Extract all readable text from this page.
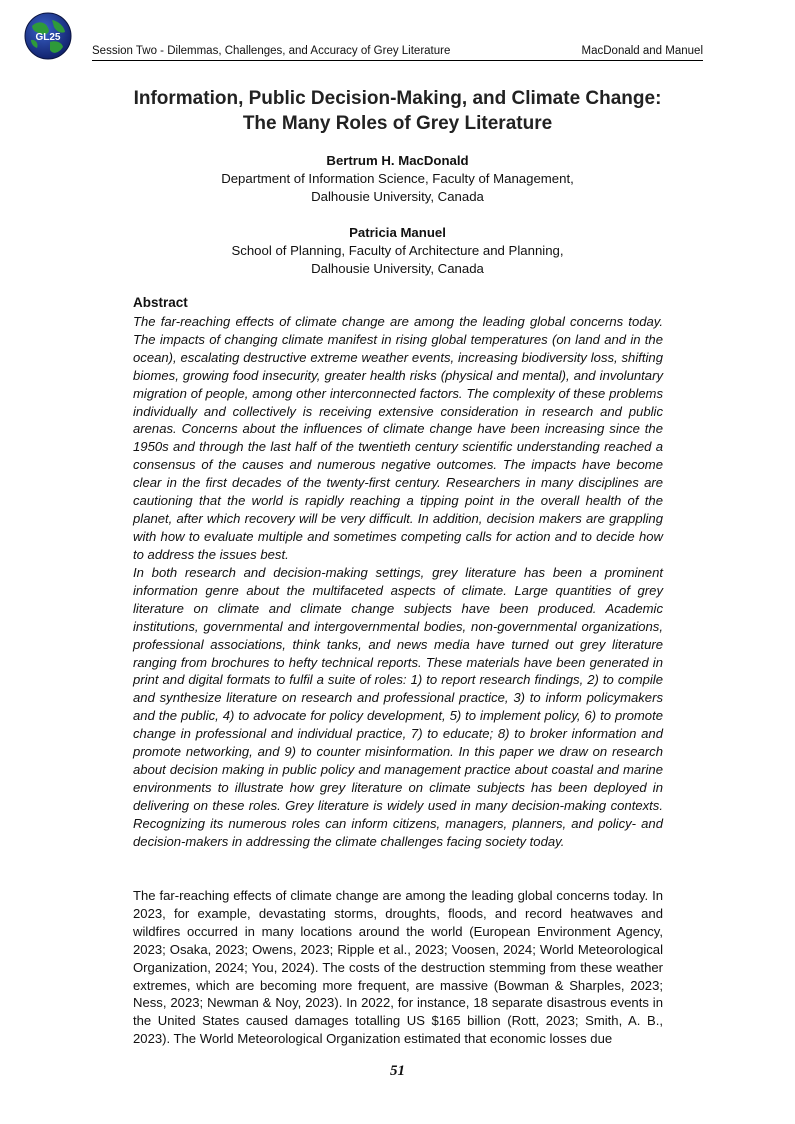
GL25
Session Two - Dilemmas, Challenges, and Accuracy of Grey Literature	MacDonald and Manuel
Information, Public Decision-Making, and Climate Change:
The Many Roles of Grey Literature
Bertrum H. MacDonald
Department of Information Science, Faculty of Management,
Dalhousie University, Canada
Patricia Manuel
School of Planning, Faculty of Architecture and Planning,
Dalhousie University, Canada
Abstract

The far-reaching effects of climate change are among the leading global concerns today. The impacts of changing climate manifest in rising global temperatures (on land and in the ocean), escalating destructive extreme weather events, increasing biodiversity loss, shifting biomes, growing food insecurity, greater health risks (physical and mental), and involuntary migration of people, among other interconnected factors. The complexity of these problems individually and collectively is receiving extensive consideration in research and public arenas. Concerns about the influences of climate change have been increasing since the 1950s and through the last half of the twentieth century scientific understanding reached a consensus of the causes and numerous negative outcomes. The impacts have become clear in the first decades of the twenty-first century. Researchers in many disciplines are cautioning that the world is rapidly reaching a tipping point in the overall health of the planet, after which recovery will be very difficult. In addition, decision makers are grappling with how to evaluate multiple and sometimes competing calls for action and to decide how to address the issues best.

In both research and decision-making settings, grey literature has been a prominent information genre about the multifaceted aspects of climate. Large quantities of grey literature on climate and climate change subjects have been produced. Academic institutions, governmental and intergovernmental bodies, non-governmental organizations, professional associations, think tanks, and news media have turned out grey literature ranging from brochures to hefty technical reports. These materials have been generated in print and digital formats to fulfil a suite of roles: 1) to report research findings, 2) to compile and synthesize literature on research and professional practice, 3) to inform policymakers and the public, 4) to advocate for policy development, 5) to implement policy, 6) to promote change in professional and individual practice, 7) to educate; 8) to broker information and promote networking, and 9) to counter misinformation. In this paper we draw on research about decision making in public policy and management practice about coastal and marine environments to illustrate how grey literature on climate subjects has been deployed in delivering on these roles. Grey literature is widely used in many decision-making contexts. Recognizing its numerous roles can inform citizens, managers, planners, and policy- and decision-makers in addressing the climate challenges facing society today.

The far-reaching effects of climate change are among the leading global concerns today. In 2023, for example, devastating storms, droughts, floods, and record heatwaves and wildfires occurred in many locations around the world (European Environment Agency, 2023; Osaka, 2023; Owens, 2023; Ripple et al., 2023; Voosen, 2024; World Meteorological Organization, 2024; You, 2024). The costs of the destruction stemming from these weather extremes, which are becoming more frequent, are massive (Bowman & Sharples, 2023; Ness, 2023; Newman & Noy, 2023). In 2022, for instance, 18 separate disastrous events in the United States caused damages totalling US $165 billion (Rott, 2023; Smith, A. B., 2023). The World Meteorological Organization estimated that economic losses due

51
